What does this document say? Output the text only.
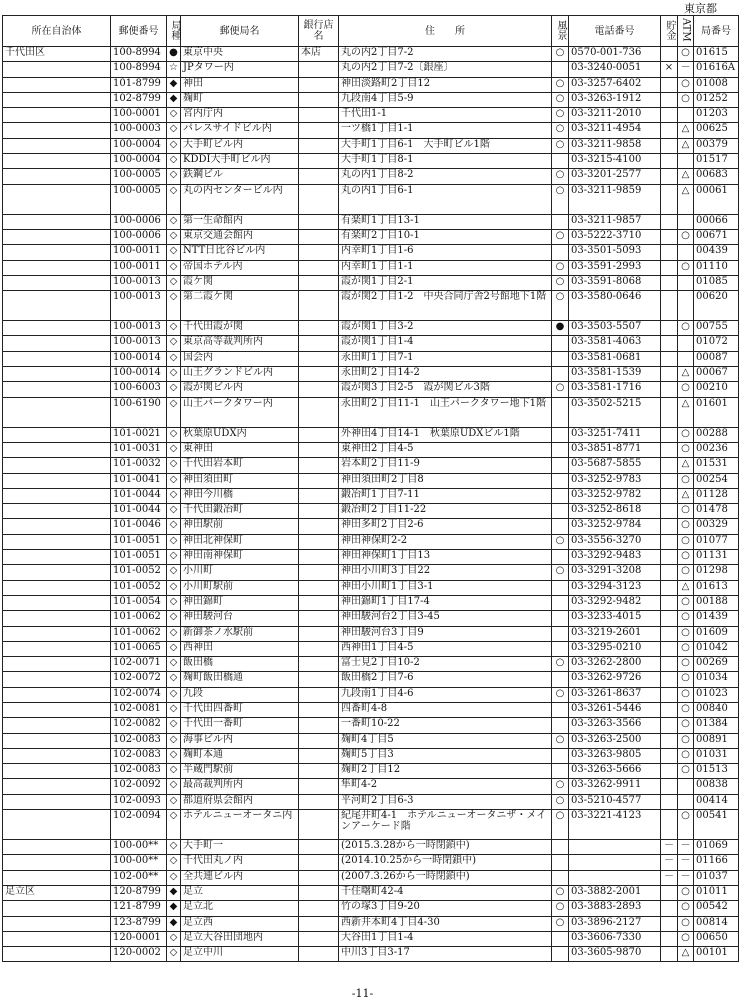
東京都
所在自治体	郵便番号	局種	郵便局名	銀行店名	住　　所	風景	電話番号	貯金	ATM	局番号
千代田区	100-8994	●	東京中央	本店	丸の内2丁目7-2	○	0570-001-736		○	01615
	100-8994	☆	JPタワー内		丸の内2丁目7-2〔銀座〕		03-3240-0051	×	－	01616A
	101-8799	◆	神田		神田淡路町2丁目12	○	03-3257-6402		○	01008
	102-8799	◆	麹町		九段南4丁目5-9	○	03-3263-1912		○	01252
	100-0001	◇	宮内庁内		千代田1-1	○	03-3211-2010			01203
	100-0003	◇	パレスサイドビル内		一ツ橋1丁目1-1	○	03-3211-4954		△	00625
	100-0004	◇	大手町ビル内		大手町1丁目6-1　大手町ビル1階	○	03-3211-9858		△	00379
	100-0004	◇	KDDI大手町ビル内		大手町1丁目8-1		03-3215-4100			01517
	100-0005	◇	鉄鋼ビル		丸の内1丁目8-2	○	03-3201-2577		△	00683
	100-0005	◇	丸の内センタービル内		丸の内1丁目6-1	○	03-3211-9859		△	00061
	100-0006	◇	第一生命館内		有楽町1丁目13-1		03-3211-9857			00066
	100-0006	◇	東京交通会館内		有楽町2丁目10-1	○	03-5222-3710		○	00671
	100-0011	◇	NTT日比谷ビル内		内幸町1丁目1-6		03-3501-5093			00439
	100-0011	◇	帝国ホテル内		内幸町1丁目1-1	○	03-3591-2993		○	01110
	100-0013	◇	霞ケ関		霞が関1丁目2-1	○	03-3591-8068			01085
	100-0013	◇	第二霞ケ関		霞が関2丁目1-2　中央合同庁舎2号館地下1階	○	03-3580-0646			00620
	100-0013	◇	千代田霞が関		霞が関1丁目3-2	●	03-3503-5507		○	00755
	100-0013	◇	東京高等裁判所内		霞が関1丁目1-4		03-3581-4063			01072
	100-0014	◇	国会内		永田町1丁目7-1		03-3581-0681			00087
	100-0014	◇	山王グランドビル内		永田町2丁目14-2		03-3581-1539		△	00067
	100-6003	◇	霞が関ビル内		霞が関3丁目2-5　霞が関ビル3階	○	03-3581-1716		○	00210
	100-6190	◇	山王パークタワー内		永田町2丁目11-1　山王パークタワー地下1階		03-3502-5215		△	01601
	101-0021	◇	秋葉原UDX内		外神田4丁目14-1　秋葉原UDXビル1階		03-3251-7411		○	00288
	101-0031	◇	東神田		東神田2丁目4-5		03-3851-8771		○	00236
	101-0032	◇	千代田岩本町		岩本町2丁目11-9		03-5687-5855		△	01531
	101-0041	◇	神田須田町		神田須田町2丁目8		03-3252-9783		○	00254
	101-0044	◇	神田今川橋		鍛冶町1丁目7-11		03-3252-9782		△	01128
	101-0044	◇	千代田鍛冶町		鍛冶町2丁目11-22		03-3252-8618		○	01478
	101-0046	◇	神田駅前		神田多町2丁目2-6		03-3252-9784		○	00329
	101-0051	◇	神田北神保町		神田神保町2-2	○	03-3556-3270		○	01077
	101-0051	◇	神田南神保町		神田神保町1丁目13		03-3292-9483		○	01131
	101-0052	◇	小川町		神田小川町3丁目22	○	03-3291-3208		○	01298
	101-0052	◇	小川町駅前		神田小川町1丁目3-1		03-3294-3123		△	01613
	101-0054	◇	神田錦町		神田錦町1丁目17-4		03-3292-9482		○	00188
	101-0062	◇	神田駿河台		神田駿河台2丁目3-45		03-3233-4015		○	01439
	101-0062	◇	新御茶ノ水駅前		神田駿河台3丁目9		03-3219-2601		○	01609
	101-0065	◇	西神田		西神田1丁目4-5		03-3295-0210		○	01042
	102-0071	◇	飯田橋		富士見2丁目10-2	○	03-3262-2800		○	00269
	102-0072	◇	麹町飯田橋通		飯田橋2丁目7-6		03-3262-9726		○	01034
	102-0074	◇	九段		九段南1丁目4-6	○	03-3261-8637		○	01023
	102-0081	◇	千代田四番町		四番町4-8		03-3261-5446		○	00840
	102-0082	◇	千代田一番町		一番町10-22		03-3263-3566		○	01384
	102-0083	◇	海事ビル内		麹町4丁目5	○	03-3263-2500		○	00891
	102-0083	◇	麹町本通		麹町5丁目3		03-3263-9805		○	01031
	102-0083	◇	半蔵門駅前		麹町2丁目12		03-3263-5666		○	01513
	102-0092	◇	最高裁判所内		隼町4-2	○	03-3262-9911			00838
	102-0093	◇	都道府県会館内		平河町2丁目6-3	○	03-5210-4577			00414
	102-0094	◇	ホテルニューオータニ内		紀尾井町4-1　ホテルニューオータニザ・メインアーケード階	○	03-3221-4123		○	00541
	100-00**	◇	大手町一		(2015.3.28から一時閉鎖中)			－	－	01069
	100-00**	◇	千代田丸ノ内		(2014.10.25から一時閉鎖中)			－	－	01166
	102-00**	◇	全共連ビル内		(2007.3.26から一時閉鎖中)			－	－	01037
足立区	120-8799	◆	足立		千住曙町42-4	○	03-3882-2001		○	01011
	121-8799	◆	足立北		竹の塚3丁目9-20	○	03-3883-2893		○	00542
	123-8799	◆	足立西		西新井本町4丁目4-30	○	03-3896-2127		○	00814
	120-0001	◇	足立大谷田団地内		大谷田1丁目1-4		03-3606-7330		○	00650
	120-0002	◇	足立中川		中川3丁目3-17		03-3605-9870		△	00101
-11-
